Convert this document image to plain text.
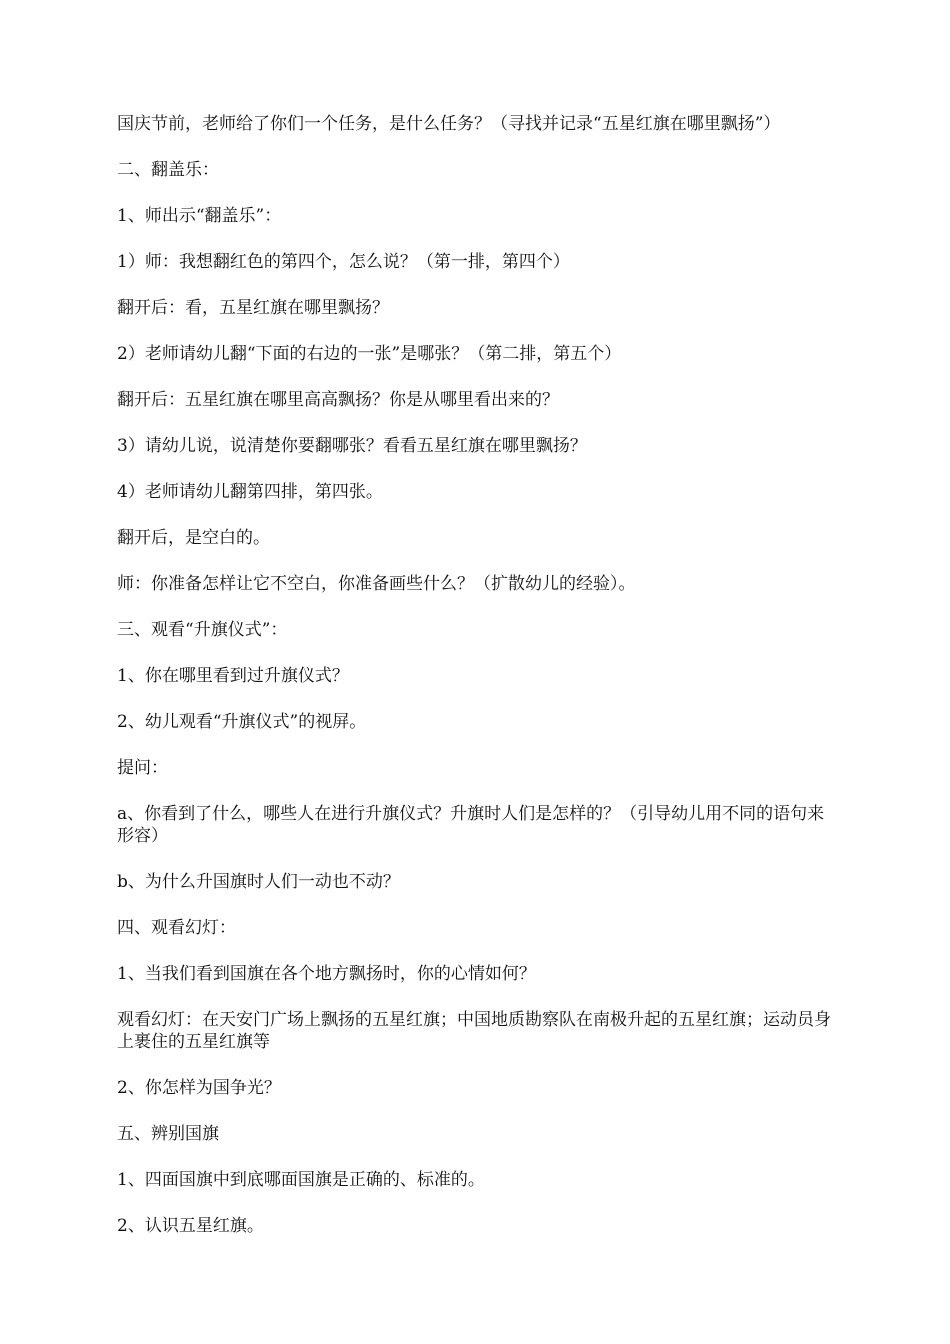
国庆节前，老师给了你们一个任务，是什么任务？（寻找并记录“五星红旗在哪里飘扬”）

二、翻盖乐：

1、师出示“翻盖乐”：

1）师：我想翻红色的第四个，怎么说？（第一排，第四个）

翻开后：看，五星红旗在哪里飘扬？

2）老师请幼儿翻“下面的右边的一张”是哪张？（第二排，第五个）

翻开后：五星红旗在哪里高高飘扬？你是从哪里看出来的？

3）请幼儿说，说清楚你要翻哪张？看看五星红旗在哪里飘扬？

4）老师请幼儿翻第四排，第四张。

翻开后，是空白的。

师：你准备怎样让它不空白，你准备画些什么？（扩散幼儿的经验）。

三、观看“升旗仪式”：

1、你在哪里看到过升旗仪式？

2、幼儿观看“升旗仪式”的视屏。

提问：

a、你看到了什么，哪些人在进行升旗仪式？升旗时人们是怎样的？（引导幼儿用不同的语句来形容）

b、为什么升国旗时人们一动也不动？

四、观看幻灯：

1、当我们看到国旗在各个地方飘扬时，你的心情如何？

观看幻灯：在天安门广场上飘扬的五星红旗；中国地质勘察队在南极升起的五星红旗；运动员身上裹住的五星红旗等

2、你怎样为国争光？

五、辨别国旗

1、四面国旗中到底哪面国旗是正确的、标准的。

2、认识五星红旗。
